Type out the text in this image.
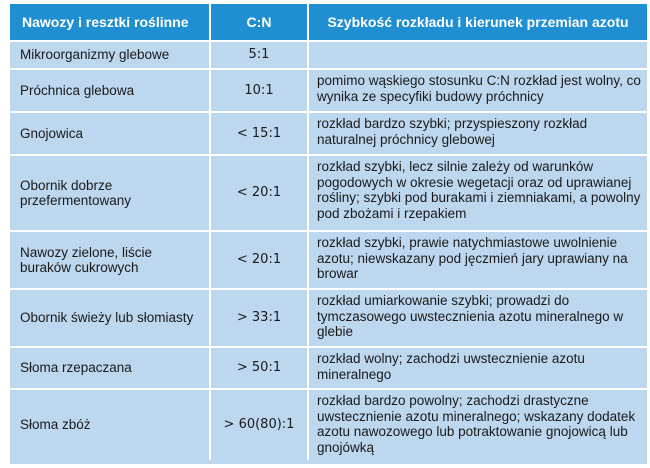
Nawozy i resztki roślinne	C:N	Szybkość rozkładu i kierunek przemian azotu
Mikroorganizmy glebowe	5:1	
Próchnica glebowa	10:1	pomimo wąskiego stosunku C:N rozkład jest wolny, co wynika ze specyfiki budowy próchnicy
Gnojowica	< 15:1	rozkład bardzo szybki; przyspieszony rozkład naturalnej próchnicy glebowej
Obornik dobrze przefermentowany	< 20:1	rozkład szybki, lecz silnie zależy od warunków pogodowych w okresie wegetacji oraz od uprawianej rośliny; szybki pod burakami i ziemniakami, a powolny pod zbożami i rzepakiem
Nawozy zielone, liście buraków cukrowych	< 20:1	rozkład szybki, prawie natychmiastowe uwolnienie azotu; niewskazany pod jęczmień jary uprawiany na browar
Obornik świeży lub słomiasty	> 33:1	rozkład umiarkowanie szybki; prowadzi do tymczasowego uwstecznienia azotu mineralnego w glebie
Słoma rzepaczana	> 50:1	rozkład wolny; zachodzi uwstecznienie azotu mineralnego
Słoma zbóż	> 60(80):1	rozkład bardzo powolny; zachodzi drastyczne uwstecznienie azotu mineralnego; wskazany dodatek azotu nawozowego lub potraktowanie gnojowicą lub gnojówką
